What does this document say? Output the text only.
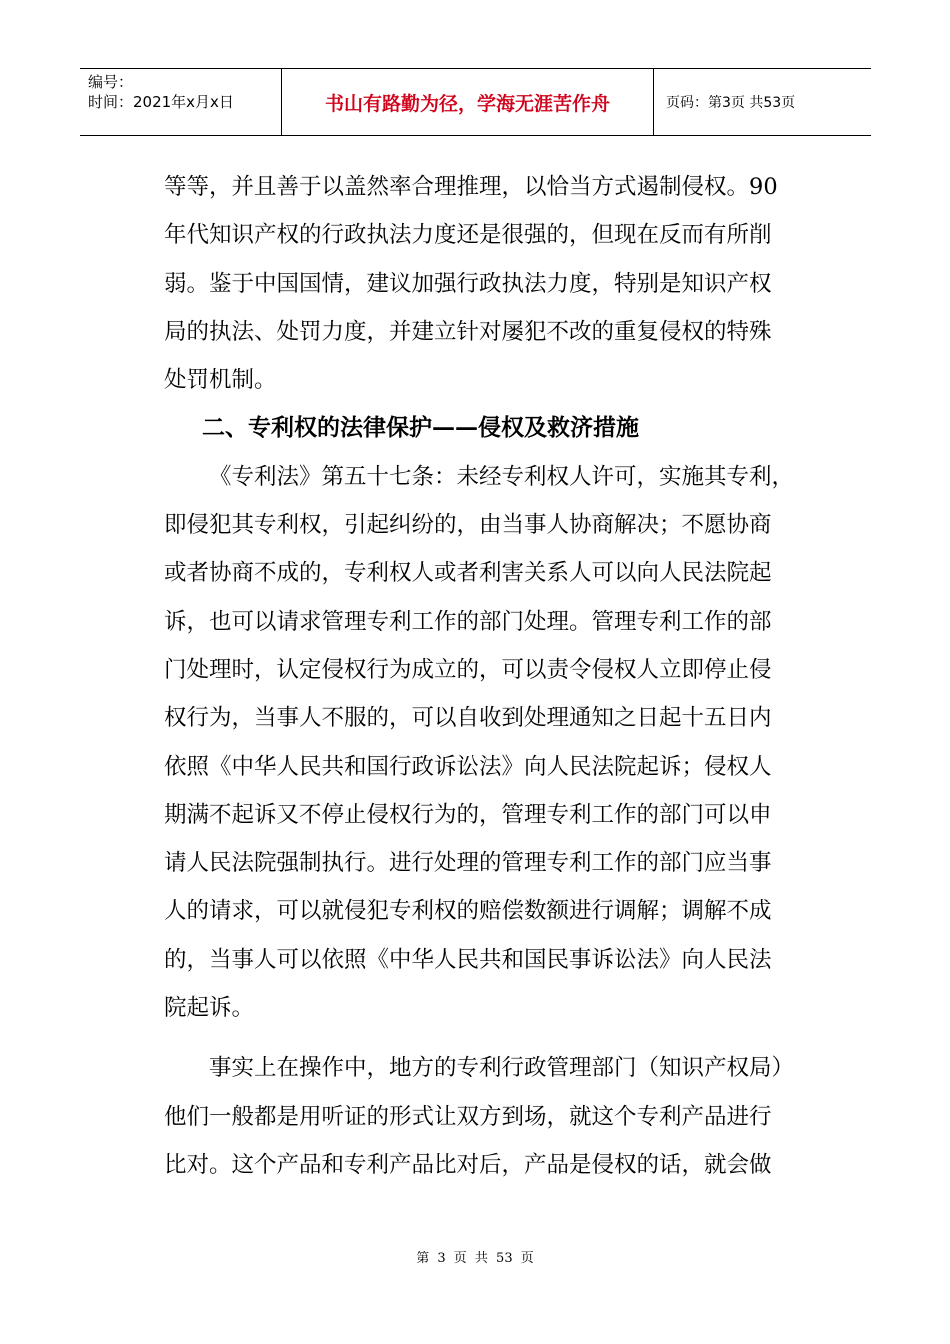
编号：
时间：2021年x月x日	书山有路勤为径，学海无涯苦作舟	页码：第3页 共53页
等等，并且善于以盖然率合理推理，以恰当方式遏制侵权。90
年代知识产权的行政执法力度还是很强的，但现在反而有所削
弱。鉴于中国国情，建议加强行政执法力度，特别是知识产权
局的执法、处罚力度，并建立针对屡犯不改的重复侵权的特殊
处罚机制。
二、专利权的法律保护——侵权及救济措施
《专利法》第五十七条：未经专利权人许可，实施其专利，
即侵犯其专利权，引起纠纷的，由当事人协商解决；不愿协商
或者协商不成的，专利权人或者利害关系人可以向人民法院起
诉，也可以请求管理专利工作的部门处理。管理专利工作的部
门处理时，认定侵权行为成立的，可以责令侵权人立即停止侵
权行为，当事人不服的，可以自收到处理通知之日起十五日内
依照《中华人民共和国行政诉讼法》向人民法院起诉；侵权人
期满不起诉又不停止侵权行为的，管理专利工作的部门可以申
请人民法院强制执行。进行处理的管理专利工作的部门应当事
人的请求，可以就侵犯专利权的赔偿数额进行调解；调解不成
的，当事人可以依照《中华人民共和国民事诉讼法》向人民法
院起诉。
事实上在操作中，地方的专利行政管理部门（知识产权局）
他们一般都是用听证的形式让双方到场，就这个专利产品进行
比对。这个产品和专利产品比对后，产品是侵权的话，就会做
第 3 页 共 53 页
